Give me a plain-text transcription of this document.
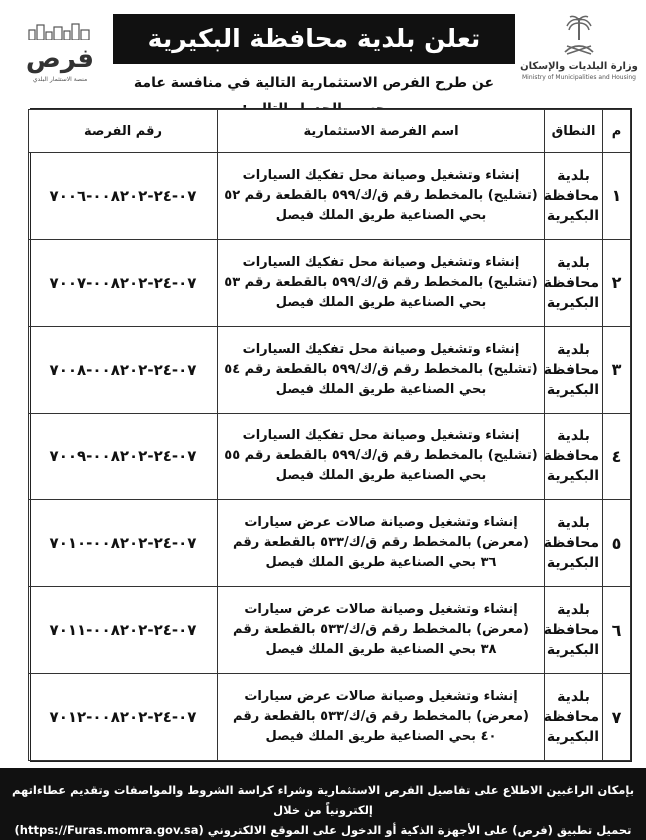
وزارة البلديات والإسكان
Ministry of Municipalities and Housing
تعلن بلدية محافظة البكيرية
عن طرح الفرص الاستثمارية التالية في منافسة عامة
فرص
منصة الاستثمار البلدي
م	النطاق	اسم الفرصة الاستثمارية	رقم الفرصة
١	بلدية محافظة البكيرية	إنشاء وتشغيل وصيانة محل تفكيك السيارات (تشليح) بالمخطط رقم ق/ك/٥٩٩ بالقطعة رقم ٥٢ بحي الصناعية طريق الملك فيصل	٠٧-٢٤-٠٠٨٢٠٢-٧٠٠٦
٢	بلدية محافظة البكيرية	إنشاء وتشغيل وصيانة محل تفكيك السيارات (تشليح) بالمخطط رقم ق/ك/٥٩٩ بالقطعة رقم ٥٣ بحي الصناعية طريق الملك فيصل	٠٧-٢٤-٠٠٨٢٠٢-٧٠٠٧
٣	بلدية محافظة البكيرية	إنشاء وتشغيل وصيانة محل تفكيك السيارات (تشليح) بالمخطط رقم ق/ك/٥٩٩ بالقطعة رقم ٥٤ بحي الصناعية طريق الملك فيصل	٠٧-٢٤-٠٠٨٢٠٢-٧٠٠٨
٤	بلدية محافظة البكيرية	إنشاء وتشغيل وصيانة محل تفكيك السيارات (تشليح) بالمخطط رقم ق/ك/٥٩٩ بالقطعة رقم ٥٥ بحي الصناعية طريق الملك فيصل	٠٧-٢٤-٠٠٨٢٠٢-٧٠٠٩
٥	بلدية محافظة البكيرية	إنشاء وتشغيل وصيانة صالات عرض سيارات (معرض) بالمخطط رقم ق/ك/٥٣٣ بالقطعة رقم ٣٦ بحي الصناعية طريق الملك فيصل	٠٧-٢٤-٠٠٨٢٠٢-٧٠١٠
٦	بلدية محافظة البكيرية	إنشاء وتشغيل وصيانة صالات عرض سيارات (معرض) بالمخطط رقم ق/ك/٥٣٣ بالقطعة رقم ٣٨ بحي الصناعية طريق الملك فيصل	٠٧-٢٤-٠٠٨٢٠٢-٧٠١١
٧	بلدية محافظة البكيرية	إنشاء وتشغيل وصيانة صالات عرض سيارات (معرض) بالمخطط رقم ق/ك/٥٣٣ بالقطعة رقم ٤٠ بحي الصناعية طريق الملك فيصل	٠٧-٢٤-٠٠٨٢٠٢-٧٠١٢
بإمكان الراغبين الاطلاع على تفاصيل الفرص الاستثمارية وشراء كراسة الشروط والمواصفات وتقديم عطاءاتهم إلكترونياً من خلال
تحميل تطبيق (فرص) على الأجهزة الذكية أو الدخول على الموقع الالكتروني (https://Furas.momra.gov.sa)
